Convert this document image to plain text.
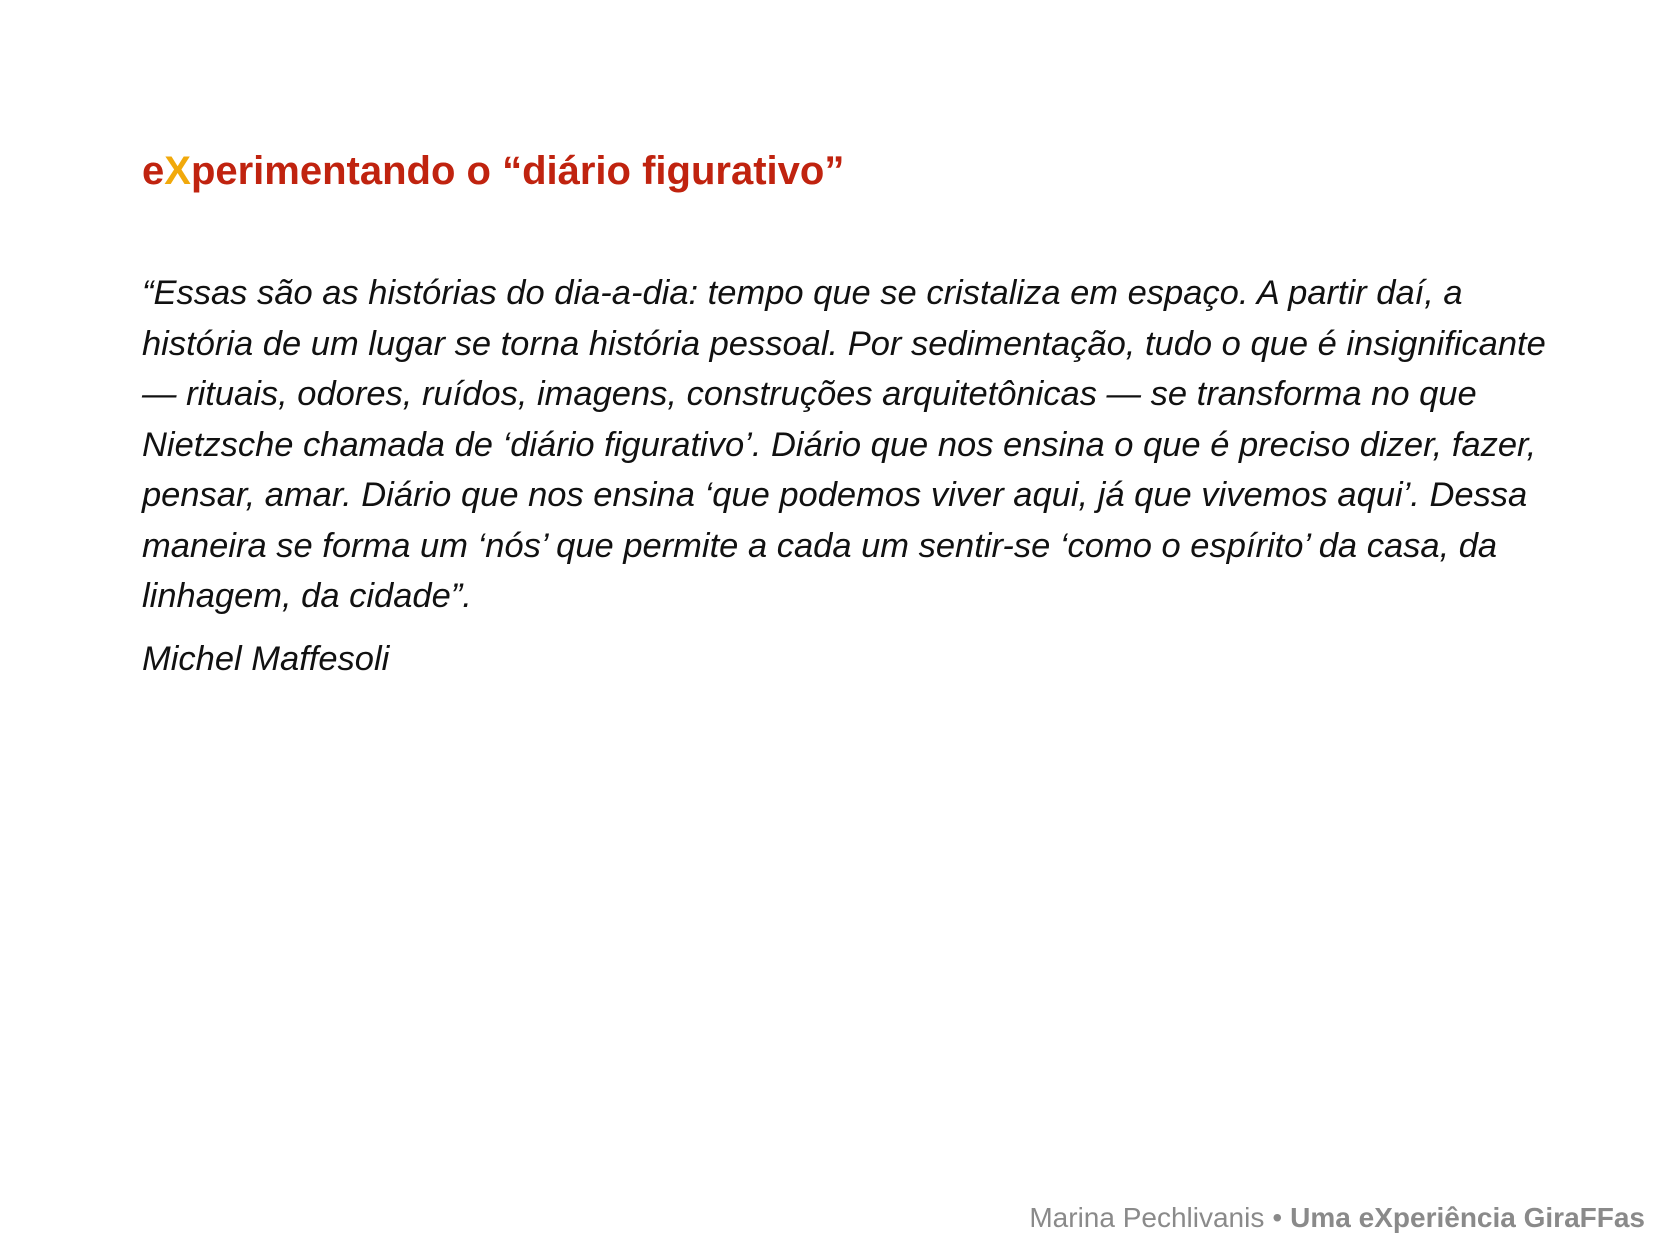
eXperimentando o “diário figurativo”

“Essas são as histórias do dia-a-dia: tempo que se cristaliza em espaço. A partir daí, a história de um lugar se torna história pessoal. Por sedimentação, tudo o que é insignificante — rituais, odores, ruídos, imagens, construções arquitetônicas — se transforma no que Nietzsche chamada de ‘diário figurativo’. Diário que nos ensina o que é preciso dizer, fazer, pensar, amar. Diário que nos ensina ‘que podemos viver aqui, já que vivemos aqui’. Dessa maneira se forma um ‘nós’ que permite a cada um sentir-se ‘como o espírito’ da casa, da linhagem, da cidade”.

Michel Maffesoli

Marina Pechlivanis • Uma eXperiência GiraFFas
